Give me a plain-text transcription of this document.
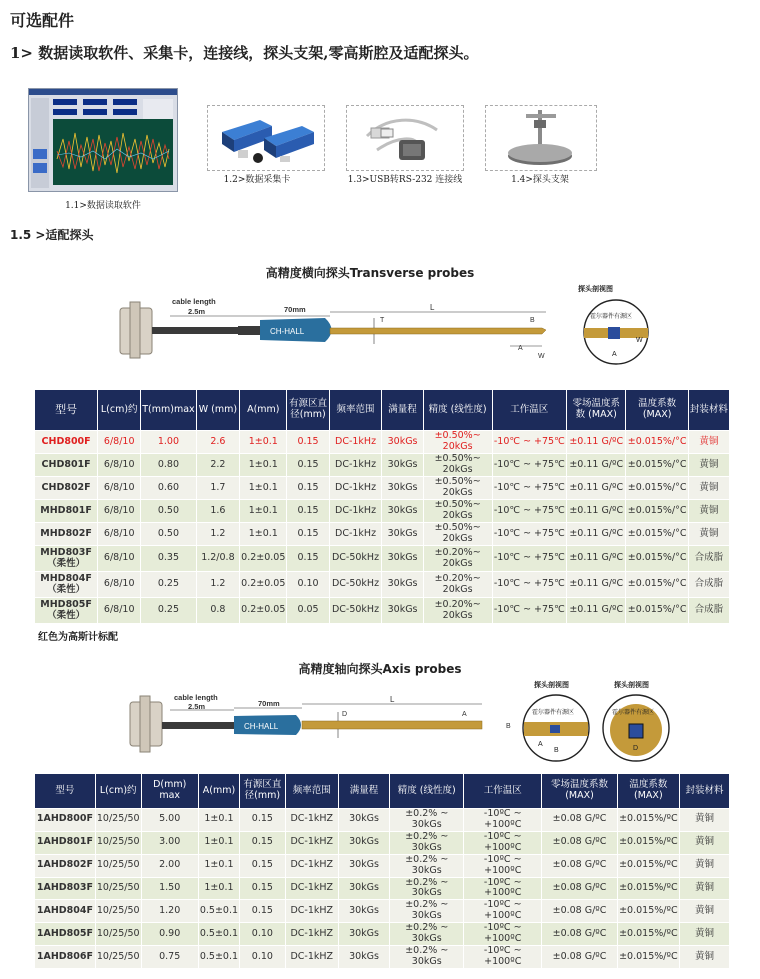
可选配件
1> 数据读取软件、采集卡，连接线，探头支架,零高斯腔及适配探头。
1.1>数据读取软件
1.2>数据采集卡	1.3>USB转RS-232 连接线	1.4>探头支架
1.5 >适配探头
高精度横向探头Transverse probes
CH-HALL
cable length
2.5m	70mm	L
T	B
A
W
探头剖视图
霍尔器件有源区
W
A
型号	L(cm)约	T(mm)max	W (mm)	A(mm)	有源区直径(mm)	频率范围	满量程	精度 (线性度)	工作温区	零场温度系数 (MAX)	温度系数 (MAX)	封装材料

CHD800F	6/8/10	1.00	2.6	1±0.1	0.15	DC-1kHz	30kGs	±0.50%~ 20kGs	-10℃ ~ +75℃	±0.11 G/ºC	±0.015%/°C	黄铜

CHD801F	6/8/10	0.80	2.2	1±0.1	0.15	DC-1kHz	30kGs	±0.50%~ 20kGs	-10℃ ~ +75℃	±0.11 G/ºC	±0.015%/°C	黄铜

CHD802F	6/8/10	0.60	1.7	1±0.1	0.15	DC-1kHz	30kGs	±0.50%~ 20kGs	-10℃ ~ +75℃	±0.11 G/ºC	±0.015%/°C	黄铜

MHD801F	6/8/10	0.50	1.6	1±0.1	0.15	DC-1kHz	30kGs	±0.50%~ 20kGs	-10℃ ~ +75℃	±0.11 G/ºC	±0.015%/°C	黄铜

MHD802F	6/8/10	0.50	1.2	1±0.1	0.15	DC-1kHz	30kGs	±0.50%~ 20kGs	-10℃ ~ +75℃	±0.11 G/ºC	±0.015%/°C	黄铜

MHD803F
（柔性）	6/8/10	0.35	1.2/0.8	0.2±0.05	0.15	DC-50kHz	30kGs	±0.20%~ 20kGs	-10℃ ~ +75℃	±0.11 G/ºC	±0.015%/°C	合成脂

MHD804F
（柔性）	6/8/10	0.25	1.2	0.2±0.05	0.10	DC-50kHz	30kGs	±0.20%~ 20kGs	-10℃ ~ +75℃	±0.11 G/ºC	±0.015%/°C	合成脂

MHD805F
（柔性）	6/8/10	0.25	0.8	0.2±0.05	0.05	DC-50kHz	30kGs	±0.20%~ 20kGs	-10℃ ~ +75℃	±0.11 G/ºC	±0.015%/°C	合成脂
红色为高斯计标配
高精度轴向探头Axis probes
CH-HALL
cable length
2.5m	70mm	L
D	A
B
探头剖视图
霍尔器件有源区
A
B
探头剖视图
霍尔器件有源区
D
型号	L(cm)约	D(mm) max	A(mm)	有源区直径(mm)	频率范围	满量程	精度 (线性度)	工作温区	零场温度系数 (MAX)	温度系数 (MAX)	封装材料
1AHD800F	10/25/50	5.00	1±0.1	0.15	DC-1kHZ	30kGs	±0.2% ~ 30kGs	-10ºC ~ +100ºC	±0.08 G/ºC	±0.015%/ºC	黄铜
1AHD801F	10/25/50	3.00	1±0.1	0.15	DC-1kHZ	30kGs	±0.2% ~ 30kGs	-10ºC ~ +100ºC	±0.08 G/ºC	±0.015%/ºC	黄铜
1AHD802F	10/25/50	2.00	1±0.1	0.15	DC-1kHZ	30kGs	±0.2% ~ 30kGs	-10ºC ~ +100ºC	±0.08 G/ºC	±0.015%/ºC	黄铜
1AHD803F	10/25/50	1.50	1±0.1	0.15	DC-1kHZ	30kGs	±0.2% ~ 30kGs	-10ºC ~ +100ºC	±0.08 G/ºC	±0.015%/ºC	黄铜
1AHD804F	10/25/50	1.20	0.5±0.1	0.15	DC-1kHZ	30kGs	±0.2% ~ 30kGs	-10ºC ~ +100ºC	±0.08 G/ºC	±0.015%/ºC	黄铜
1AHD805F	10/25/50	0.90	0.5±0.1	0.10	DC-1kHZ	30kGs	±0.2% ~ 30kGs	-10ºC ~ +100ºC	±0.08 G/ºC	±0.015%/ºC	黄铜
1AHD806F	10/25/50	0.75	0.5±0.1	0.10	DC-1kHZ	30kGs	±0.2% ~ 30kGs	-10ºC ~ +100ºC	±0.08 G/ºC	±0.015%/ºC	黄铜
